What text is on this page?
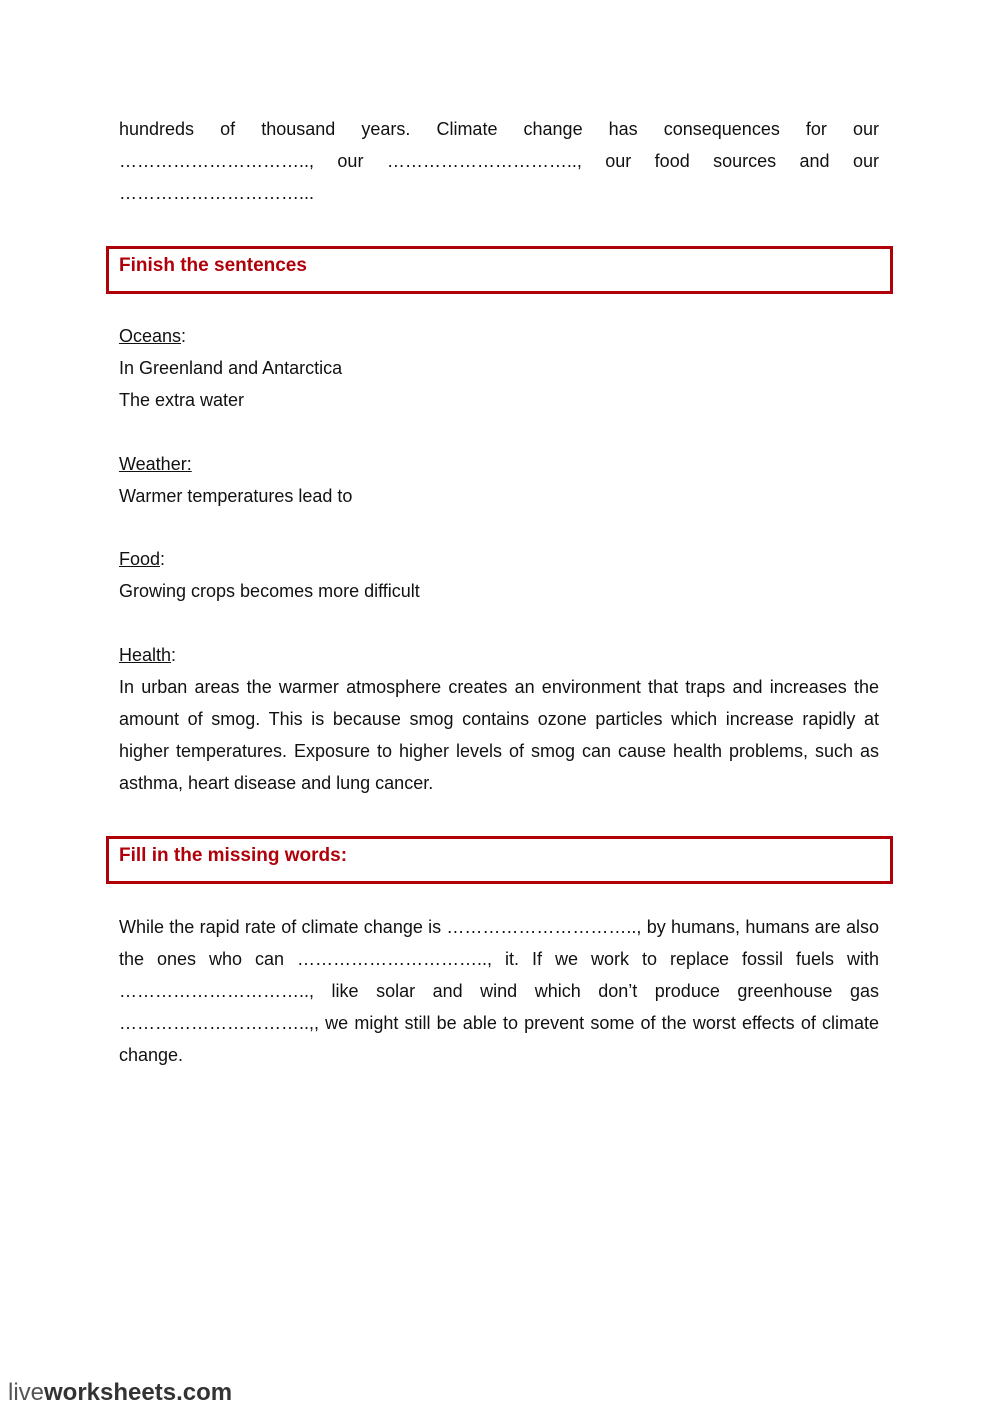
hundreds of thousand years. Climate change has consequences for our ………………………….., our ………………………….., our food sources and our …………………………...

Finish the sentences

Oceans:

In Greenland and Antarctica

The extra water

Weather:

Warmer temperatures lead to

Food:

Growing crops becomes more difficult

Health:

In urban areas the warmer atmosphere creates an environment that traps and increases the amount of smog. This is because smog contains ozone particles which increase rapidly at higher temperatures. Exposure to higher levels of smog can cause health problems, such as asthma, heart disease and lung cancer.

Fill in the missing words:

While the rapid rate of climate change is ………………………….., by humans, humans are also the ones who can ………………………….., it. If we work to replace fossil fuels with ………………………….., like solar and wind which don’t produce greenhouse gas …………………………..,, we might still be able to prevent some of the worst effects of climate change.

liveworksheets.com
